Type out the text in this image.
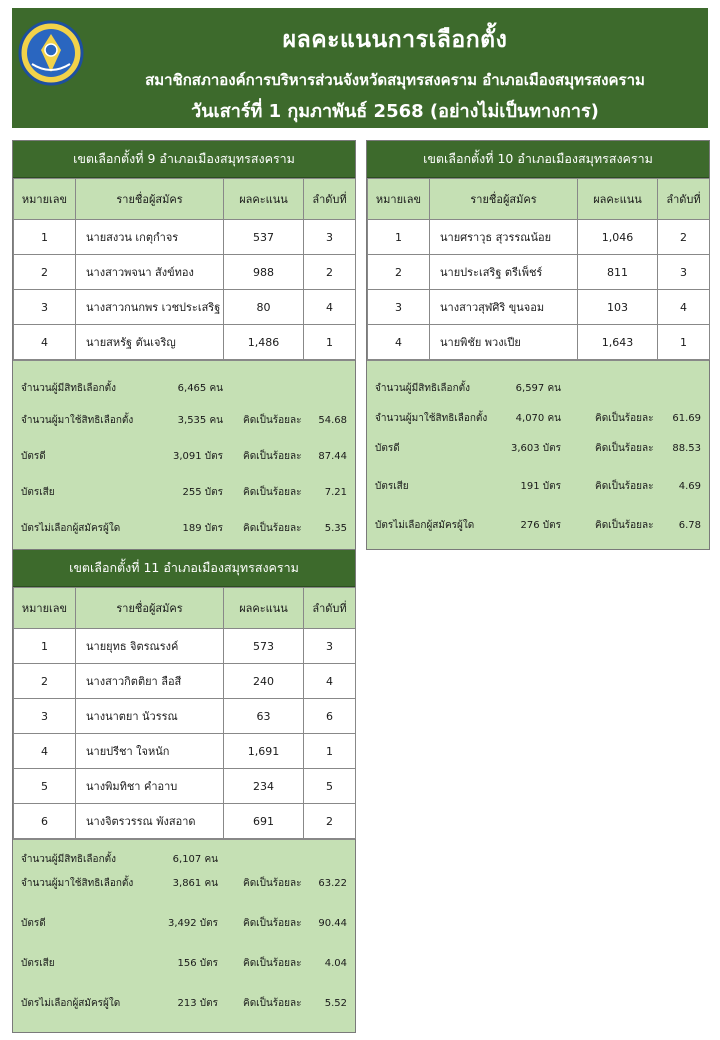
ผลคะแนนการเลือกตั้ง
สมาชิกสภาองค์การบริหารส่วนจังหวัดสมุทรสงคราม อำเภอเมืองสมุทรสงคราม
วันเสาร์ที่ 1 กุมภาพันธ์ 2568 (อย่างไม่เป็นทางการ)
เขตเลือกตั้งที่ 9 อำเภอเมืองสมุทรสงคราม
หมายเลข	รายชื่อผู้สมัคร	ผลคะแนน	ลำดับที่
1	นายสงวน เกตุกำจร	537	3
2	นางสาวพจนา สังข์ทอง	988	2
3	นางสาวกนกพร เวชประเสริฐ	80	4
4	นายสหรัฐ ตันเจริญ	1,486	1
จำนวนผู้มีสิทธิเลือกตั้ง	6,465 คน
จำนวนผู้มาใช้สิทธิเลือกตั้ง	3,535 คน คิดเป็นร้อยละ	54.68
บัตรดี	3,091 บัตร คิดเป็นร้อยละ	87.44
บัตรเสีย	255 บัตร คิดเป็นร้อยละ	7.21
บัตรไม่เลือกผู้สมัครผู้ใด	189 บัตร คิดเป็นร้อยละ	5.35
เขตเลือกตั้งที่ 10 อำเภอเมืองสมุทรสงคราม
หมายเลข	รายชื่อผู้สมัคร	ผลคะแนน	ลำดับที่
1	นายศราวุธ สุวรรณน้อย	1,046	2
2	นายประเสริฐ ตรีเพ็ชร์	811	3
3	นางสาวสุฬศิริ ขุนจอม	103	4
4	นายพิชัย พวงเปีย	1,643	1
จำนวนผู้มีสิทธิเลือกตั้ง	6,597 คน
จำนวนผู้มาใช้สิทธิเลือกตั้ง	4,070 คน	คิดเป็นร้อยละ	61.69
บัตรดี	3,603 บัตร	คิดเป็นร้อยละ	88.53
บัตรเสีย	191 บัตร	คิดเป็นร้อยละ	4.69
บัตรไม่เลือกผู้สมัครผู้ใด	276 บัตร	คิดเป็นร้อยละ	6.78
เขตเลือกตั้งที่ 11 อำเภอเมืองสมุทรสงคราม
หมายเลข	รายชื่อผู้สมัคร	ผลคะแนน	ลำดับที่
1	นายยุทธ จิตรณรงค์	573	3
2	นางสาวกิตติยา ลือสี	240	4
3	นางนาตยา นัวรรณ	63	6
4	นายปรีชา ใจหนัก	1,691	1
5	นางพิมทิชา คำอาบ	234	5
6	นางจิตรวรรณ พังสอาด	691	2
จำนวนผู้มีสิทธิเลือกตั้ง	6,107 คน
จำนวนผู้มาใช้สิทธิเลือกตั้ง	3,861 คน	คิดเป็นร้อยละ	63.22
บัตรดี	3,492 บัตร	คิดเป็นร้อยละ	90.44
บัตรเสีย	156 บัตร	คิดเป็นร้อยละ	4.04
บัตรไม่เลือกผู้สมัครผู้ใด	213 บัตร	คิดเป็นร้อยละ	5.52
